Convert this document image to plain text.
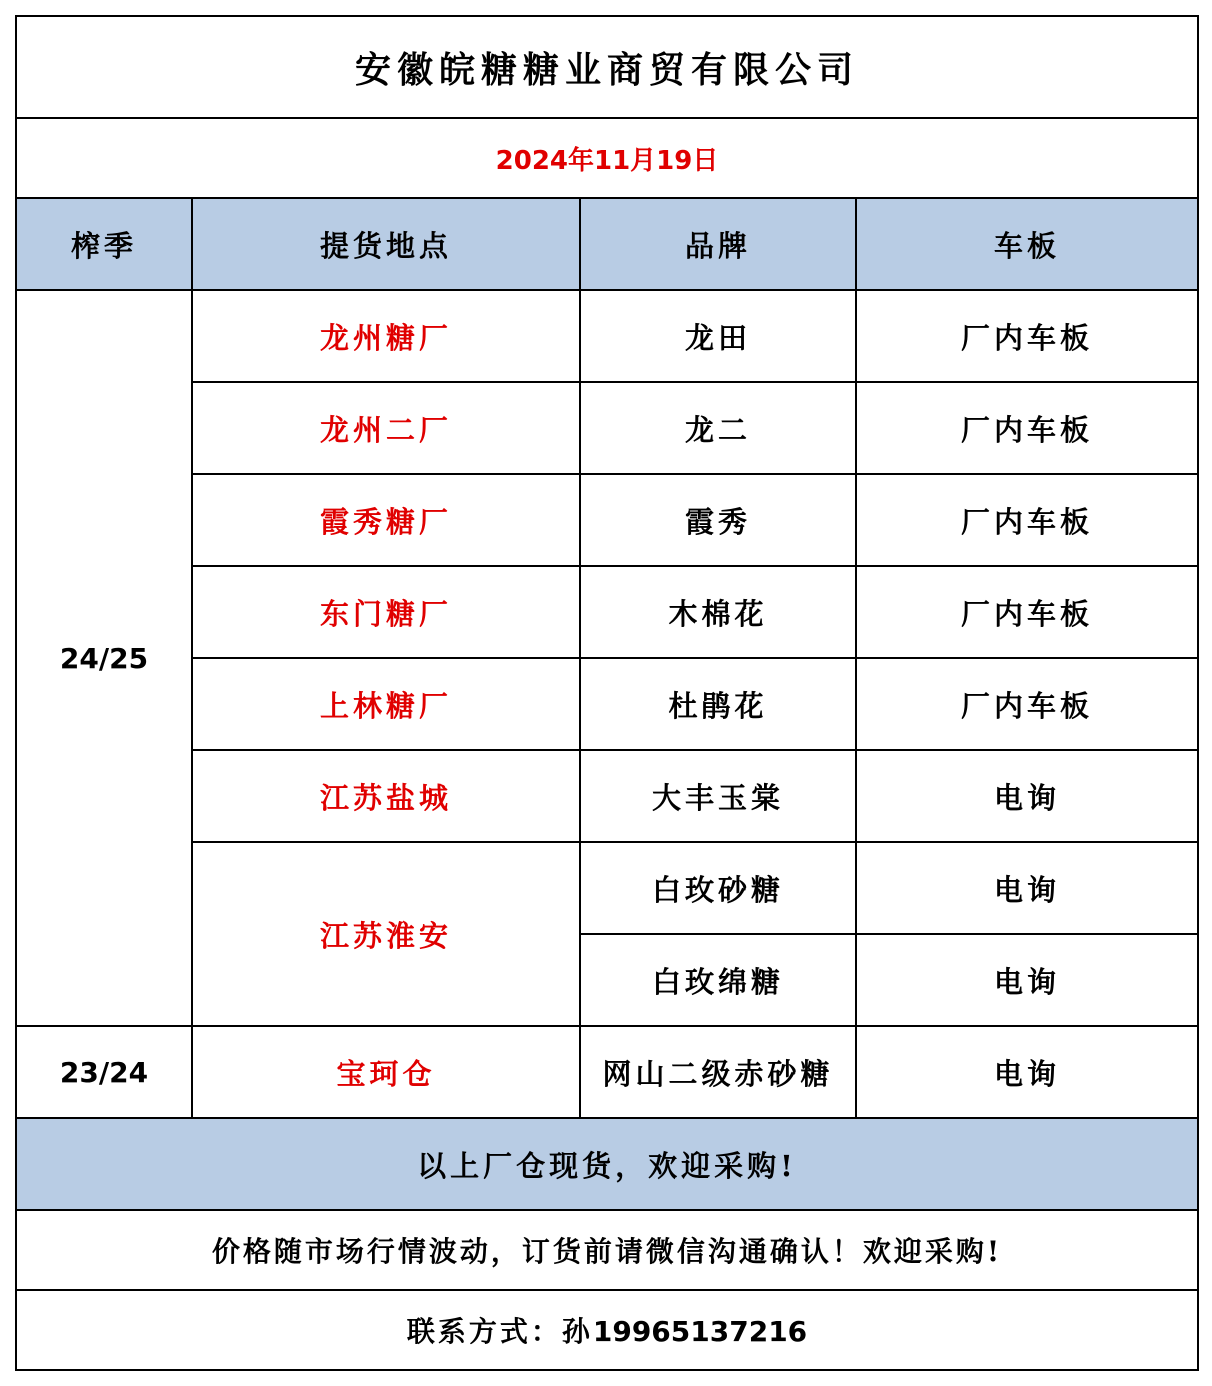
安徽皖糖糖业商贸有限公司			
2024年11月19日			
榨季	提货地点	品牌	车板
24/25	龙州糖厂	龙田	厂内车板
	龙州二厂	龙二	厂内车板
	霞秀糖厂	霞秀	厂内车板
	东门糖厂	木棉花	厂内车板
	上林糖厂	杜鹃花	厂内车板
	江苏盐城	大丰玉棠	电询
	江苏淮安	白玫砂糖	电询
		白玫绵糖	电询
23/24	宝珂仓	网山二级赤砂糖	电询
以上厂仓现货，欢迎采购!			
价格随市场行情波动，订货前请微信沟通确认！欢迎采购!			
联系方式：孙19965137216			
